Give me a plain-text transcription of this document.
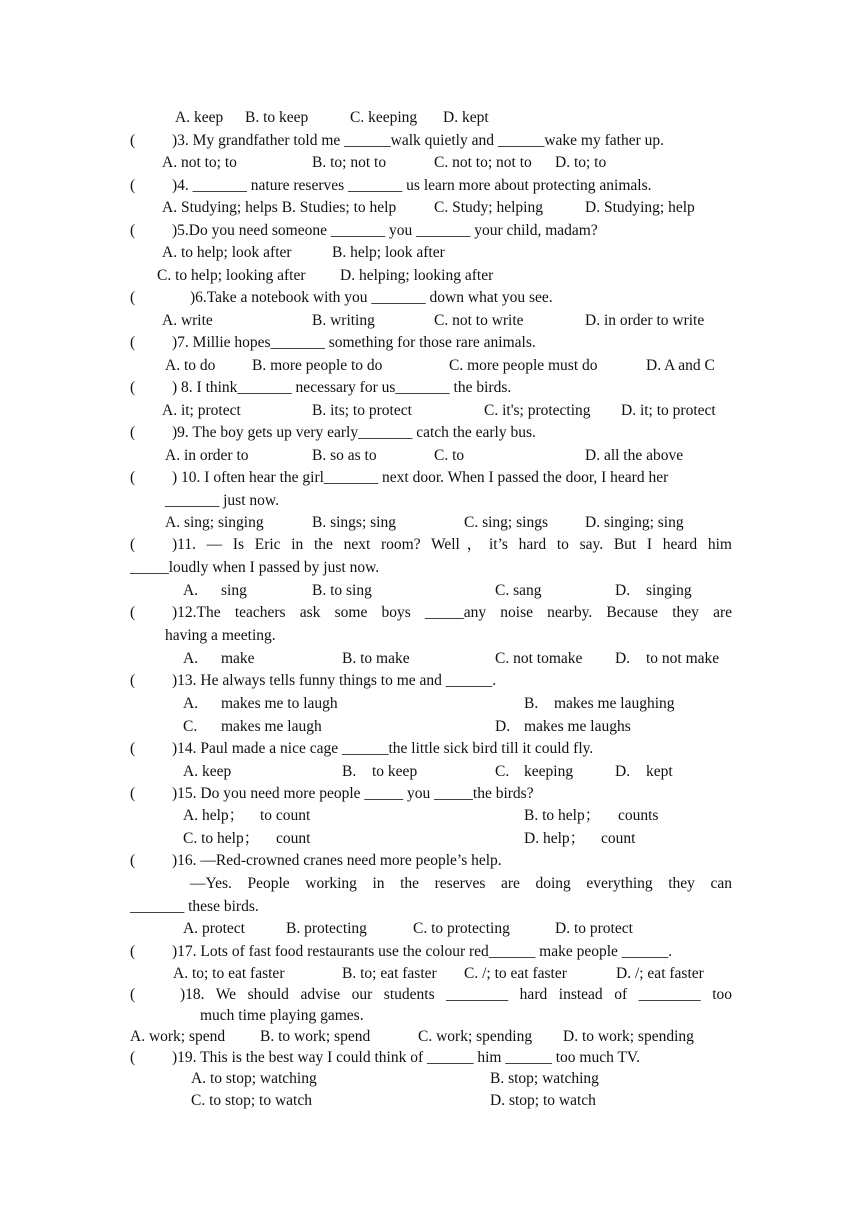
A. keep B. to keep	C. keeping D. kept
( )3. My grandfather told me ______walk quietly and ______wake my father up.
A. not to; to	B. to; not to	C. not to; not to D. to; to
( )4. _______ nature reserves _______ us learn more about protecting animals.
A. Studying; helps B. Studies; to help C. Study; helping	D. Studying; help
( )5.Do you need someone _______ you _______ your child, madam?
A. to help; look after	B. help; look after
C. to help; looking after D. helping; looking after
(	)6.Take a notebook with you _______ down what you see.
A. write	B. writing	C. not to write	D. in order to write
( )7. Millie hopes_______ something for those rare animals.
A. to do B. more people to do	C. more people must do	D. A and C
( ) 8. I think_______ necessary for us_______ the birds.
A. it; protect	B. its; to protect	C. it's; protecting D. it; to protect
( )9. The boy gets up very early_______ catch the early bus.
A. in order to	B. so as to	C. to	D. all the above
( ) 10. I often hear the girl_______ next door. When I passed the door, I heard her
_______ just now.
A. sing; singing	B. sings; sing	C. sing; sings D. singing; sing
( )11. — Is Eric in the next room? Well，it’s hard to say. But I heard him
_____loudly when I passed by just now.
A. sing	B. to sing	C. sang	D. singing
( )12.The teachers ask some boys _____any noise nearby. Because they are
having a meeting.
A. make	B. to make	C. not tomake D. to not make
( )13. He always tells funny things to me and ______.
A. makes me to laugh	B. makes me laughing
C. makes me laugh	D. makes me laughs
( )14. Paul made a nice cage ______the little sick bird till it could fly.
A. keep	B. to keep	C. keeping	D. kept
( )15. Do you need more people _____ you _____the birds?
A. help； to count	B. to help； counts
C. to help； count	D. help； count
( )16. —Red-crowned cranes need more people’s help.
—Yes. People working in the reserves are doing everything they can
_______ these birds.
A. protect	B. protecting	C. to protecting	D. to protect
( )17. Lots of fast food restaurants use the colour red______ make people ______.
A. to; to eat faster	B. to; eat faster C. /; to eat faster	D. /; eat faster
(	)18. We should advise our students ________ hard instead of ________ too
much time playing games.
A. work; spend B. to work; spend	C. work; spending D. to work; spending
( )19. This is the best way I could think of ______ him ______ too much TV.
A. to stop; watching	B. stop; watching
C. to stop; to watch	D. stop; to watch
